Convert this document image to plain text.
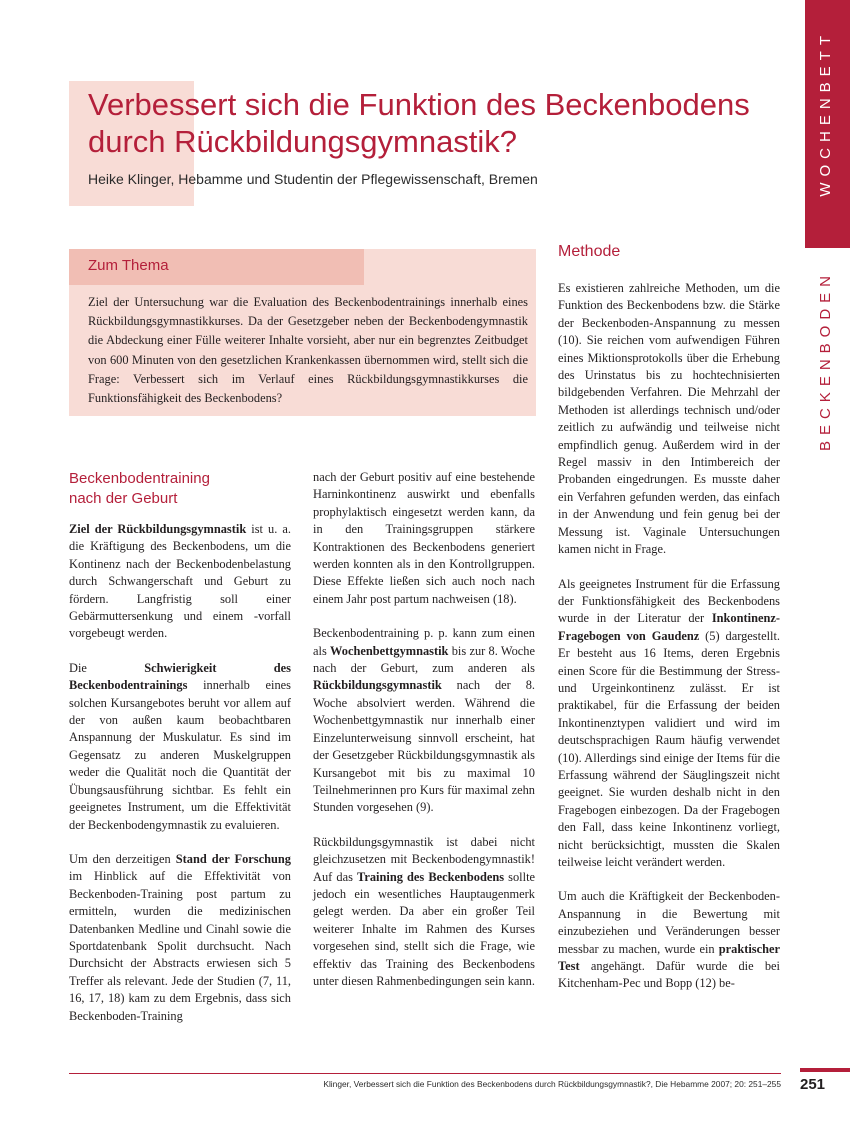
Verbessert sich die Funktion des Beckenbodens
durch Rückbildungsgymnastik?
Heike Klinger, Hebamme und Studentin der Pflegewissenschaft, Bremen	WOCHENBETT
BECKENBODEN
Zum Thema
Ziel der Untersuchung war die Evaluation des Beckenbodentrainings innerhalb eines Rückbildungsgymnastikkurses. Da der Gesetzgeber neben der Beckenbodengymnastik die Abdeckung einer Fülle weiterer Inhalte vorsieht, aber nur ein begrenztes Zeitbudget von 600 Minuten von den gesetzlichen Krankenkassen übernommen wird, stellt sich die Frage: Verbessert sich im Verlauf eines Rückbildungsgymnastikkurses die Funktionsfähigkeit des Beckenbodens?
Beckenbodentraining
nach der Geburt

Ziel der Rückbildungsgymnastik ist u. a. die Kräftigung des Beckenbodens, um die Kontinenz nach der Beckenbodenbelastung durch Schwangerschaft und Geburt zu fördern. Langfristig soll einer Gebärmuttersenkung und einem -vorfall vorgebeugt werden.

Die Schwierigkeit des Beckenbodentrainings innerhalb eines solchen Kursangebotes beruht vor allem auf der von außen kaum beobachtbaren Anspannung der Muskulatur. Es sind im Gegensatz zu anderen Muskelgruppen weder die Qualität noch die Quantität der Übungsausführung sichtbar. Es fehlt ein geeignetes Instrument, um die Effektivität der Beckenbodengymnastik zu evaluieren.

Um den derzeitigen Stand der Forschung im Hinblick auf die Effektivität von Beckenboden-Training post partum zu ermitteln, wurden die medizinischen Datenbanken Medline und Cinahl sowie die Sportdatenbank Spolit durchsucht. Nach Durchsicht der Abstracts erwiesen sich 5 Treffer als relevant. Jede der Studien (7, 11, 16, 17, 18) kam zu dem Ergebnis, dass sich Beckenboden-Training

nach der Geburt positiv auf eine bestehende Harninkontinenz auswirkt und ebenfalls prophylaktisch eingesetzt werden kann, da in den Trainingsgruppen stärkere Kontraktionen des Beckenbodens generiert werden konnten als in den Kontrollgruppen. Diese Effekte ließen sich auch noch nach einem Jahr post partum nachweisen (18).

Beckenbodentraining p. p. kann zum einen als Wochenbettgymnastik bis zur 8. Woche nach der Geburt, zum anderen als Rückbildungsgymnastik nach der 8. Woche absolviert werden. Während die Wochenbettgymnastik nur innerhalb einer Einzelunterweisung sinnvoll erscheint, hat der Gesetzgeber Rückbildungsgymnastik als Kursangebot mit bis zu maximal 10 Teilnehmerinnen pro Kurs für maximal zehn Stunden vorgesehen (9).

Rückbildungsgymnastik ist dabei nicht gleichzusetzen mit Beckenbodengymnastik! Auf das Training des Beckenbodens sollte jedoch ein wesentliches Hauptaugenmerk gelegt werden. Da aber ein großer Teil weiterer Inhalte im Rahmen des Kurses vorgesehen sind, stellt sich die Frage, wie effektiv das Training des Beckenbodens unter diesen Rahmenbedingungen sein kann.

Methode

Es existieren zahlreiche Methoden, um die Funktion des Beckenbodens bzw. die Stärke der Beckenboden-Anspannung zu messen (10). Sie reichen vom aufwendigen Führen eines Miktionsprotokolls über die Erhebung des Urinstatus bis zu hochtechnisierten bildgebenden Verfahren. Die Mehrzahl der Methoden ist allerdings technisch und/oder zeitlich zu aufwändig und teilweise nicht empfindlich genug. Außerdem wird in der Regel massiv in den Intimbereich der Probanden eingedrungen. Es musste daher ein Verfahren gefunden werden, das einfach in der Anwendung und fein genug bei der Messung ist. Vaginale Untersuchungen kamen nicht in Frage.

Als geeignetes Instrument für die Erfassung der Funktionsfähigkeit des Beckenbodens wurde in der Literatur der Inkontinenz-Fragebogen von Gaudenz (5) dargestellt. Er besteht aus 16 Items, deren Ergebnis einen Score für die Bestimmung der Stress- und Urgeinkontinenz zulässt. Er ist praktikabel, für die Erfassung der beiden Inkontinenztypen validiert und wird im deutschsprachigen Raum häufig verwendet (10). Allerdings sind einige der Items für die Erfassung während der Säuglingszeit nicht geeignet. Sie wurden deshalb nicht in den Fragebogen einbezogen. Da der Fragebogen den Fall, dass keine Inkontinenz vorliegt, nicht berücksichtigt, mussten die Skalen teilweise leicht verändert werden.

Um auch die Kräftigkeit der Beckenboden-Anspannung in die Bewertung mit einzubeziehen und Veränderungen besser messbar zu machen, wurde ein praktischer Test angehängt. Dafür wurde die bei Kitchenham-Pec und Bopp (12) be-

Klinger, Verbessert sich die Funktion des Beckenbodens durch Rückbildungsgymnastik?, Die Hebamme 2007; 20: 251–255 251
